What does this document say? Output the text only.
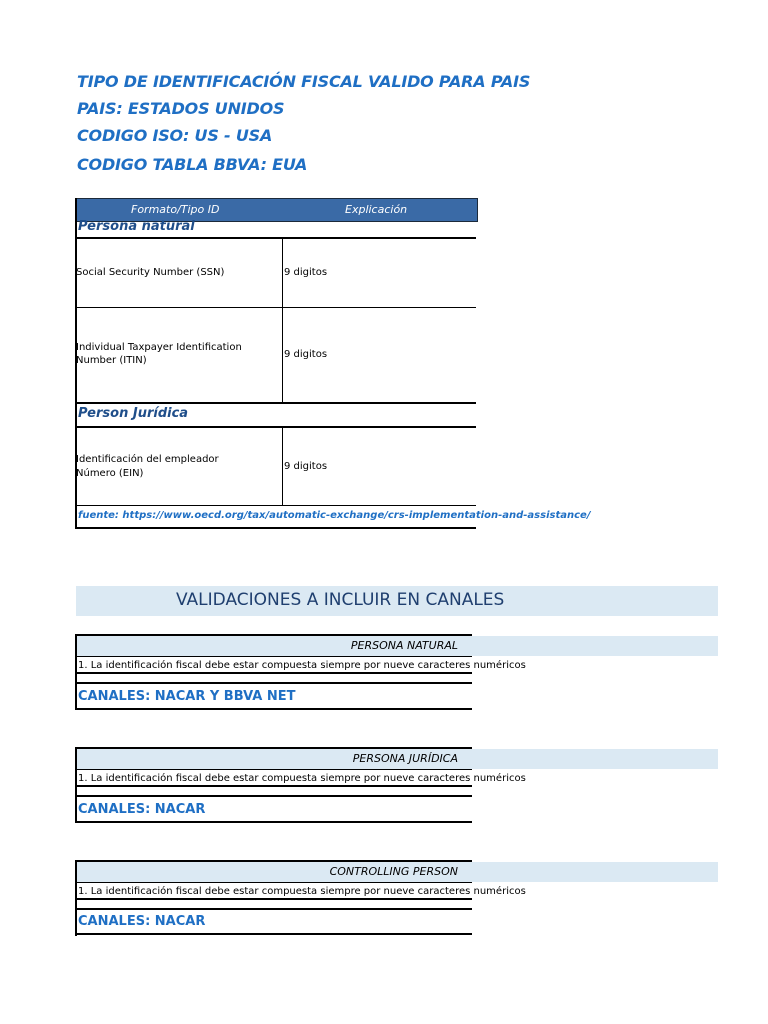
TIPO DE IDENTIFICACIÓN FISCAL VALIDO PARA PAIS
PAIS: ESTADOS UNIDOS
CODIGO ISO: US - USA
CODIGO TABLA BBVA: EUA
Formato/Tipo ID	Explicación
Persona natural
Social Security Number (SSN)	9 digitos
Individual Taxpayer Identification
Number (ITIN)
9 digitos
Person Jurídica
Identificación del empleador
Número (EIN)
9 digitos
fuente: https://www.oecd.org/tax/automatic-exchange/crs-implementation-and-assistance/
VALIDACIONES A INCLUIR EN CANALES
PERSONA NATURAL
1. La identificación fiscal debe estar compuesta siempre por nueve caracteres numéricos
CANALES: NACAR Y BBVA NET
PERSONA JURÍDICA
1. La identificación fiscal debe estar compuesta siempre por nueve caracteres numéricos
CANALES: NACAR
CONTROLLING PERSON
1. La identificación fiscal debe estar compuesta siempre por nueve caracteres numéricos
CANALES: NACAR
